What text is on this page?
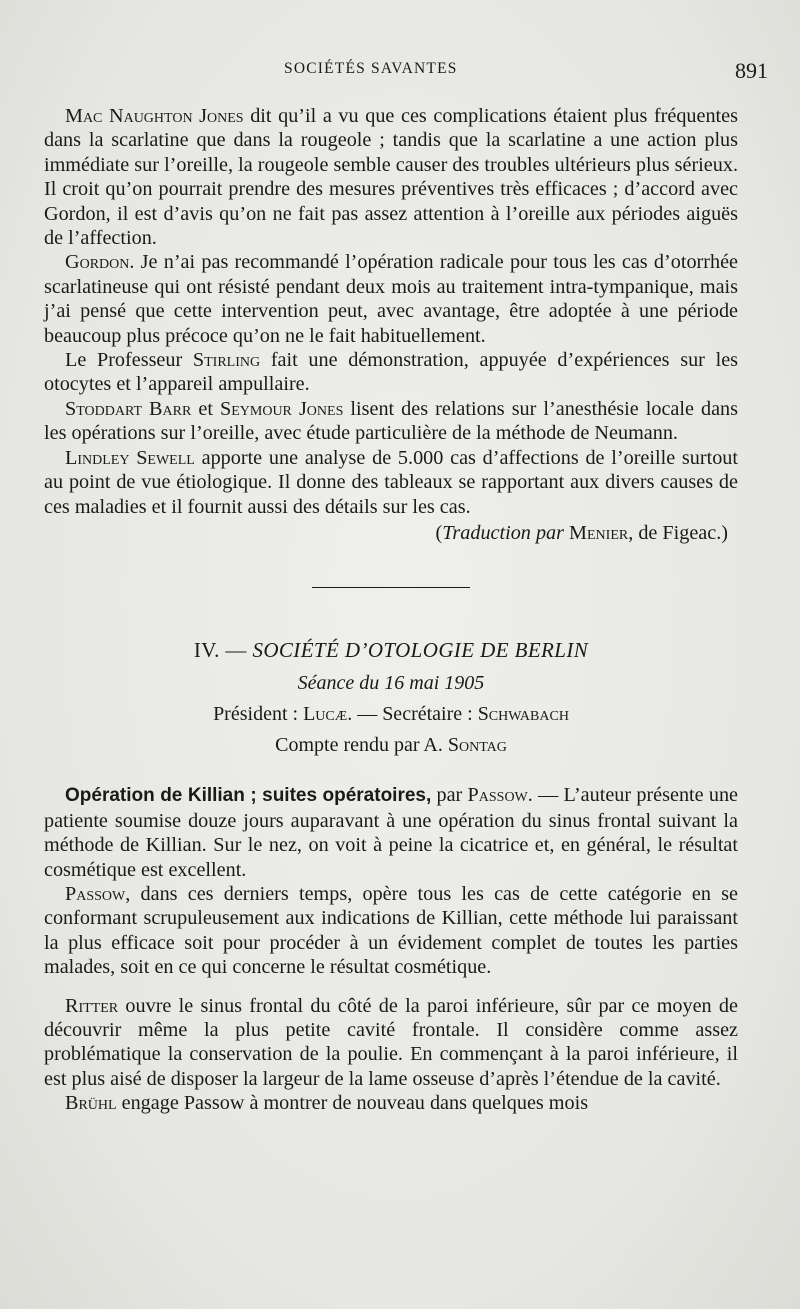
SOCIÉTÉS SAVANTES	891

Mac Naughton Jones dit qu’il a vu que ces complications étaient plus fréquentes dans la scarlatine que dans la rougeole ; tandis que la scarlatine a une action plus immédiate sur l’oreille, la rougeole semble causer des troubles ultérieurs plus sérieux. Il croit qu’on pourrait prendre des mesures préventives très efficaces ; d’accord avec Gordon, il est d’avis qu’on ne fait pas assez attention à l’oreille aux périodes aiguës de l’affection.

Gordon. Je n’ai pas recommandé l’opération radicale pour tous les cas d’otorrhée scarlatineuse qui ont résisté pendant deux mois au traitement intra-tympanique, mais j’ai pensé que cette intervention peut, avec avantage, être adoptée à une période beaucoup plus précoce qu’on ne le fait habituellement.

Le Professeur Stirling fait une démonstration, appuyée d’expériences sur les otocytes et l’appareil ampullaire.

Stoddart Barr et Seymour Jones lisent des relations sur l’anesthésie locale dans les opérations sur l’oreille, avec étude particulière de la méthode de Neumann.

Lindley Sewell apporte une analyse de 5.000 cas d’affections de l’oreille surtout au point de vue étiologique. Il donne des tableaux se rapportant aux divers causes de ces maladies et il fournit aussi des détails sur les cas.

(Traduction par Menier, de Figeac.)

IV. — SOCIÉTÉ D’OTOLOGIE DE BERLIN
Séance du 16 mai 1905
Président : Lucæ. — Secrétaire : Schwabach
Compte rendu par A. Sontag

Opération de Killian ; suites opératoires, par Passow. — L’auteur présente une patiente soumise douze jours auparavant à une opération du sinus frontal suivant la méthode de Killian. Sur le nez, on voit à peine la cicatrice et, en général, le résultat cosmétique est excellent.

Passow, dans ces derniers temps, opère tous les cas de cette catégorie en se conformant scrupuleusement aux indications de Killian, cette méthode lui paraissant la plus efficace soit pour procéder à un évidement complet de toutes les parties malades, soit en ce qui concerne le résultat cosmétique.

Ritter ouvre le sinus frontal du côté de la paroi inférieure, sûr par ce moyen de découvrir même la plus petite cavité frontale. Il considère comme assez problématique la conservation de la poulie. En commençant à la paroi inférieure, il est plus aisé de disposer la largeur de la lame osseuse d’après l’étendue de la cavité.

Brühl engage Passow à montrer de nouveau dans quelques mois
